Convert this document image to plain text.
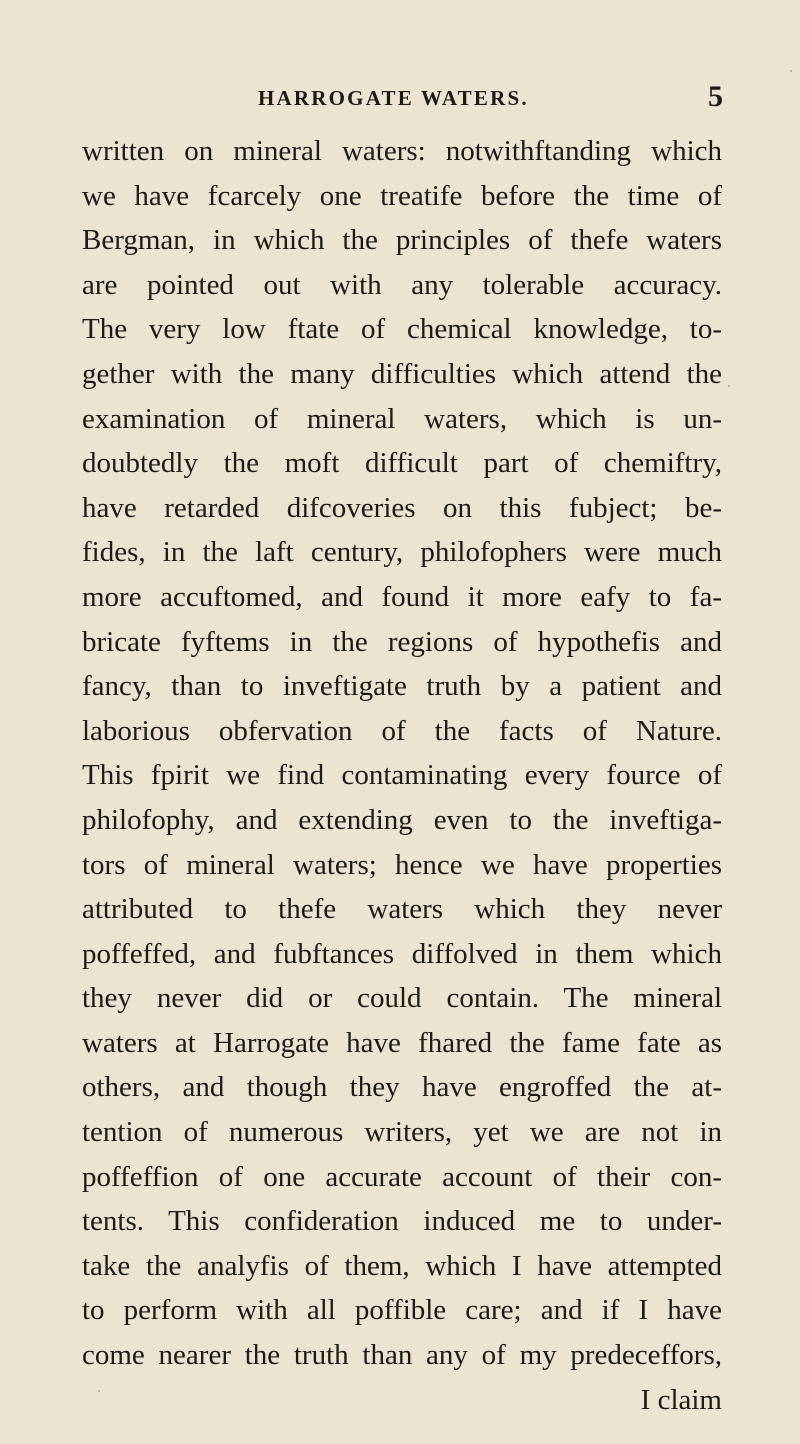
HARROGATE WATERS.	5
written on mineral waters: notwithftanding which
we have fcarcely one treatife before the time of
Bergman, in which the principles of thefe waters
are pointed out with any tolerable accuracy.
The very low ftate of chemical knowledge, to-
gether with the many difficulties which attend the
examination of mineral waters, which is un-
doubtedly the moft difficult part of chemiftry,
have retarded difcoveries on this fubject; be-
fides, in the laft century, philofophers were much
more accuftomed, and found it more eafy to fa-
bricate fyftems in the regions of hypothefis and
fancy, than to inveftigate truth by a patient and
laborious obfervation of the facts of Nature.
This fpirit we find contaminating every fource of
philofophy, and extending even to the inveftiga-
tors of mineral waters; hence we have properties
attributed to thefe waters which they never
poffeffed, and fubftances diffolved in them which
they never did or could contain. The mineral
waters at Harrogate have fhared the fame fate as
others, and though they have engroffed the at-
tention of numerous writers, yet we are not in
poffeffion of one accurate account of their con-
tents. This confideration induced me to under-
take the analyfis of them, which I have attempted
to perform with all poffible care; and if I have
come nearer the truth than any of my predeceffors,
I claim
